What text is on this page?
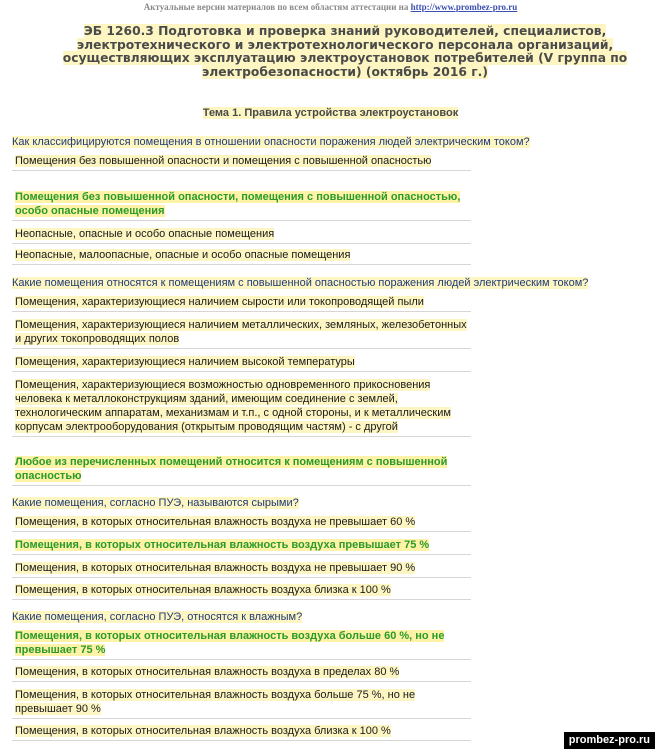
Актуальные версии материалов по всем областям аттестации на http://www.prombez-pro.ru
ЭБ 1260.3 Подготовка и проверка знаний руководителей, специалистов, электротехнического и электротехнологического персонала организаций, осуществляющих эксплуатацию электроустановок потребителей (V группа по электробезопасности) (октябрь 2016 г.)
Тема 1. Правила устройства электроустановок
Как классифицируются помещения в отношении опасности поражения людей электрическим током?
Помещения без повышенной опасности и помещения с повышенной опасностью
Помещения без повышенной опасности, помещения с повышенной опасностью, особо опасные помещения
Неопасные, опасные и особо опасные помещения
Неопасные, малоопасные, опасные и особо опасные помещения
Какие помещения относятся к помещениям с повышенной опасностью поражения людей электрическим током?
Помещения, характеризующиеся наличием сырости или токопроводящей пыли
Помещения, характеризующиеся наличием металлических, земляных, железобетонных и других токопроводящих полов
Помещения, характеризующиеся наличием высокой температуры
Помещения, характеризующиеся возможностью одновременного прикосновения человека к металлоконструкциям зданий, имеющим соединение с землей, технологическим аппаратам, механизмам и т.п., с одной стороны, и к металлическим корпусам электрооборудования (открытым проводящим частям) - с другой
Любое из перечисленных помещений относится к помещениям с повышенной опасностью
Какие помещения, согласно ПУЭ, называются сырыми?
Помещения, в которых относительная влажность воздуха не превышает 60 %
Помещения, в которых относительная влажность воздуха превышает 75 %
Помещения, в которых относительная влажность воздуха не превышает 90 %
Помещения, в которых относительная влажность воздуха близка к 100 %
Какие помещения, согласно ПУЭ, относятся к влажным?
Помещения, в которых относительная влажность воздуха больше 60 %, но не превышает 75 %
Помещения, в которых относительная влажность воздуха в пределах 80 %
Помещения, в которых относительная влажность воздуха больше 75 %, но не превышает 90 %
Помещения, в которых относительная влажность воздуха близка к 100 %
prombez-pro.ru
